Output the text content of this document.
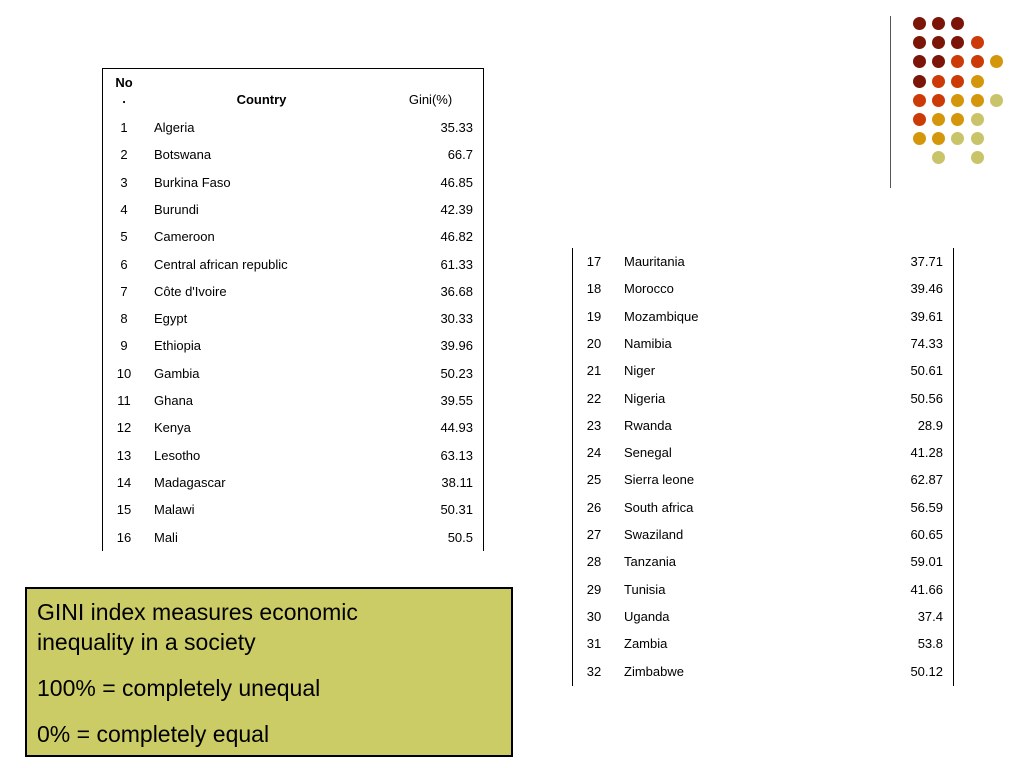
No
.	Country	Gini(%)
1	Algeria	35.33
2	Botswana	66.7
3	Burkina Faso	46.85
4	Burundi	42.39
5	Cameroon	46.82
6	Central african republic	61.33
7	Côte d'Ivoire	36.68
8	Egypt	30.33
9	Ethiopia	39.96
10	Gambia	50.23
11	Ghana	39.55
12	Kenya	44.93
13	Lesotho	63.13
14	Madagascar	38.11
15	Malawi	50.31
16	Mali	50.5
17	Mauritania	37.71
18	Morocco	39.46
19	Mozambique	39.61
20	Namibia	74.33
21	Niger	50.61
22	Nigeria	50.56
23	Rwanda	28.9
24	Senegal	41.28
25	Sierra leone	62.87
26	South africa	56.59
27	Swaziland	60.65
28	Tanzania	59.01
29	Tunisia	41.66
30	Uganda	37.4
31	Zambia	53.8
32	Zimbabwe	50.12

GINI index measures economic

inequality in a society

100% = completely unequal

0% = completely equal
